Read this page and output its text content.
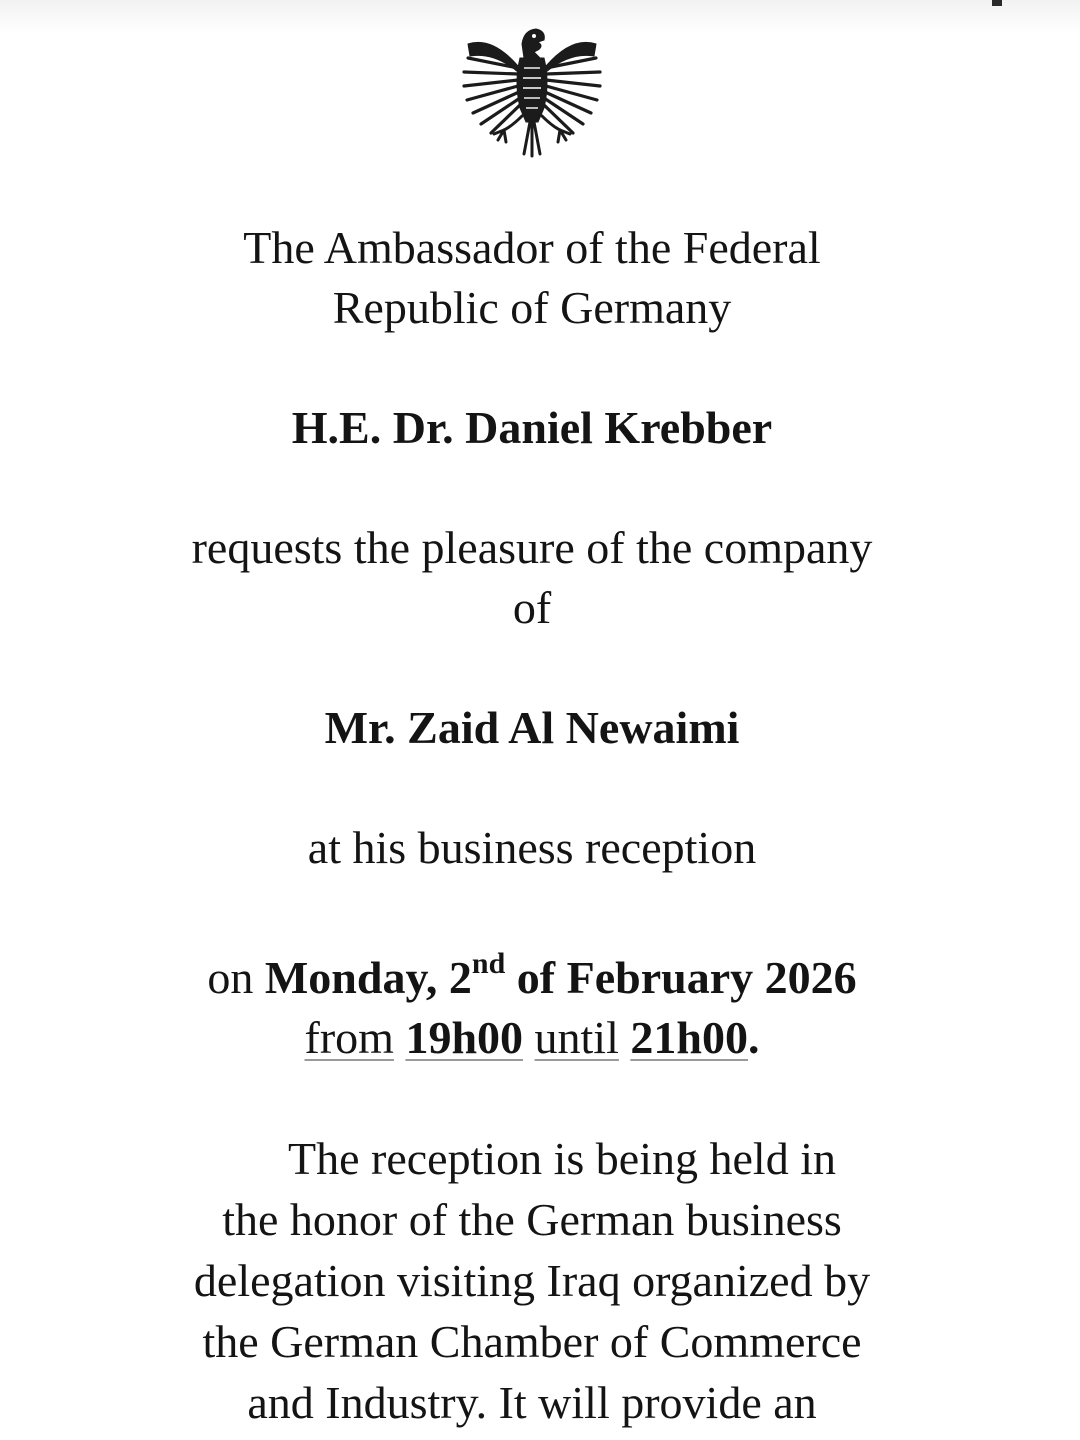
The Ambassador of the Federal

Republic of Germany

H.E. Dr. Daniel Krebber

requests the pleasure of the company

of

Mr. Zaid Al Newaimi

at his business reception

on Monday, 2nd of February 2026

from 19h00 until 21h00.

The reception is being held in
the honor of the German business
delegation visiting Iraq organized by
the German Chamber of Commerce
and Industry. It will provide an
